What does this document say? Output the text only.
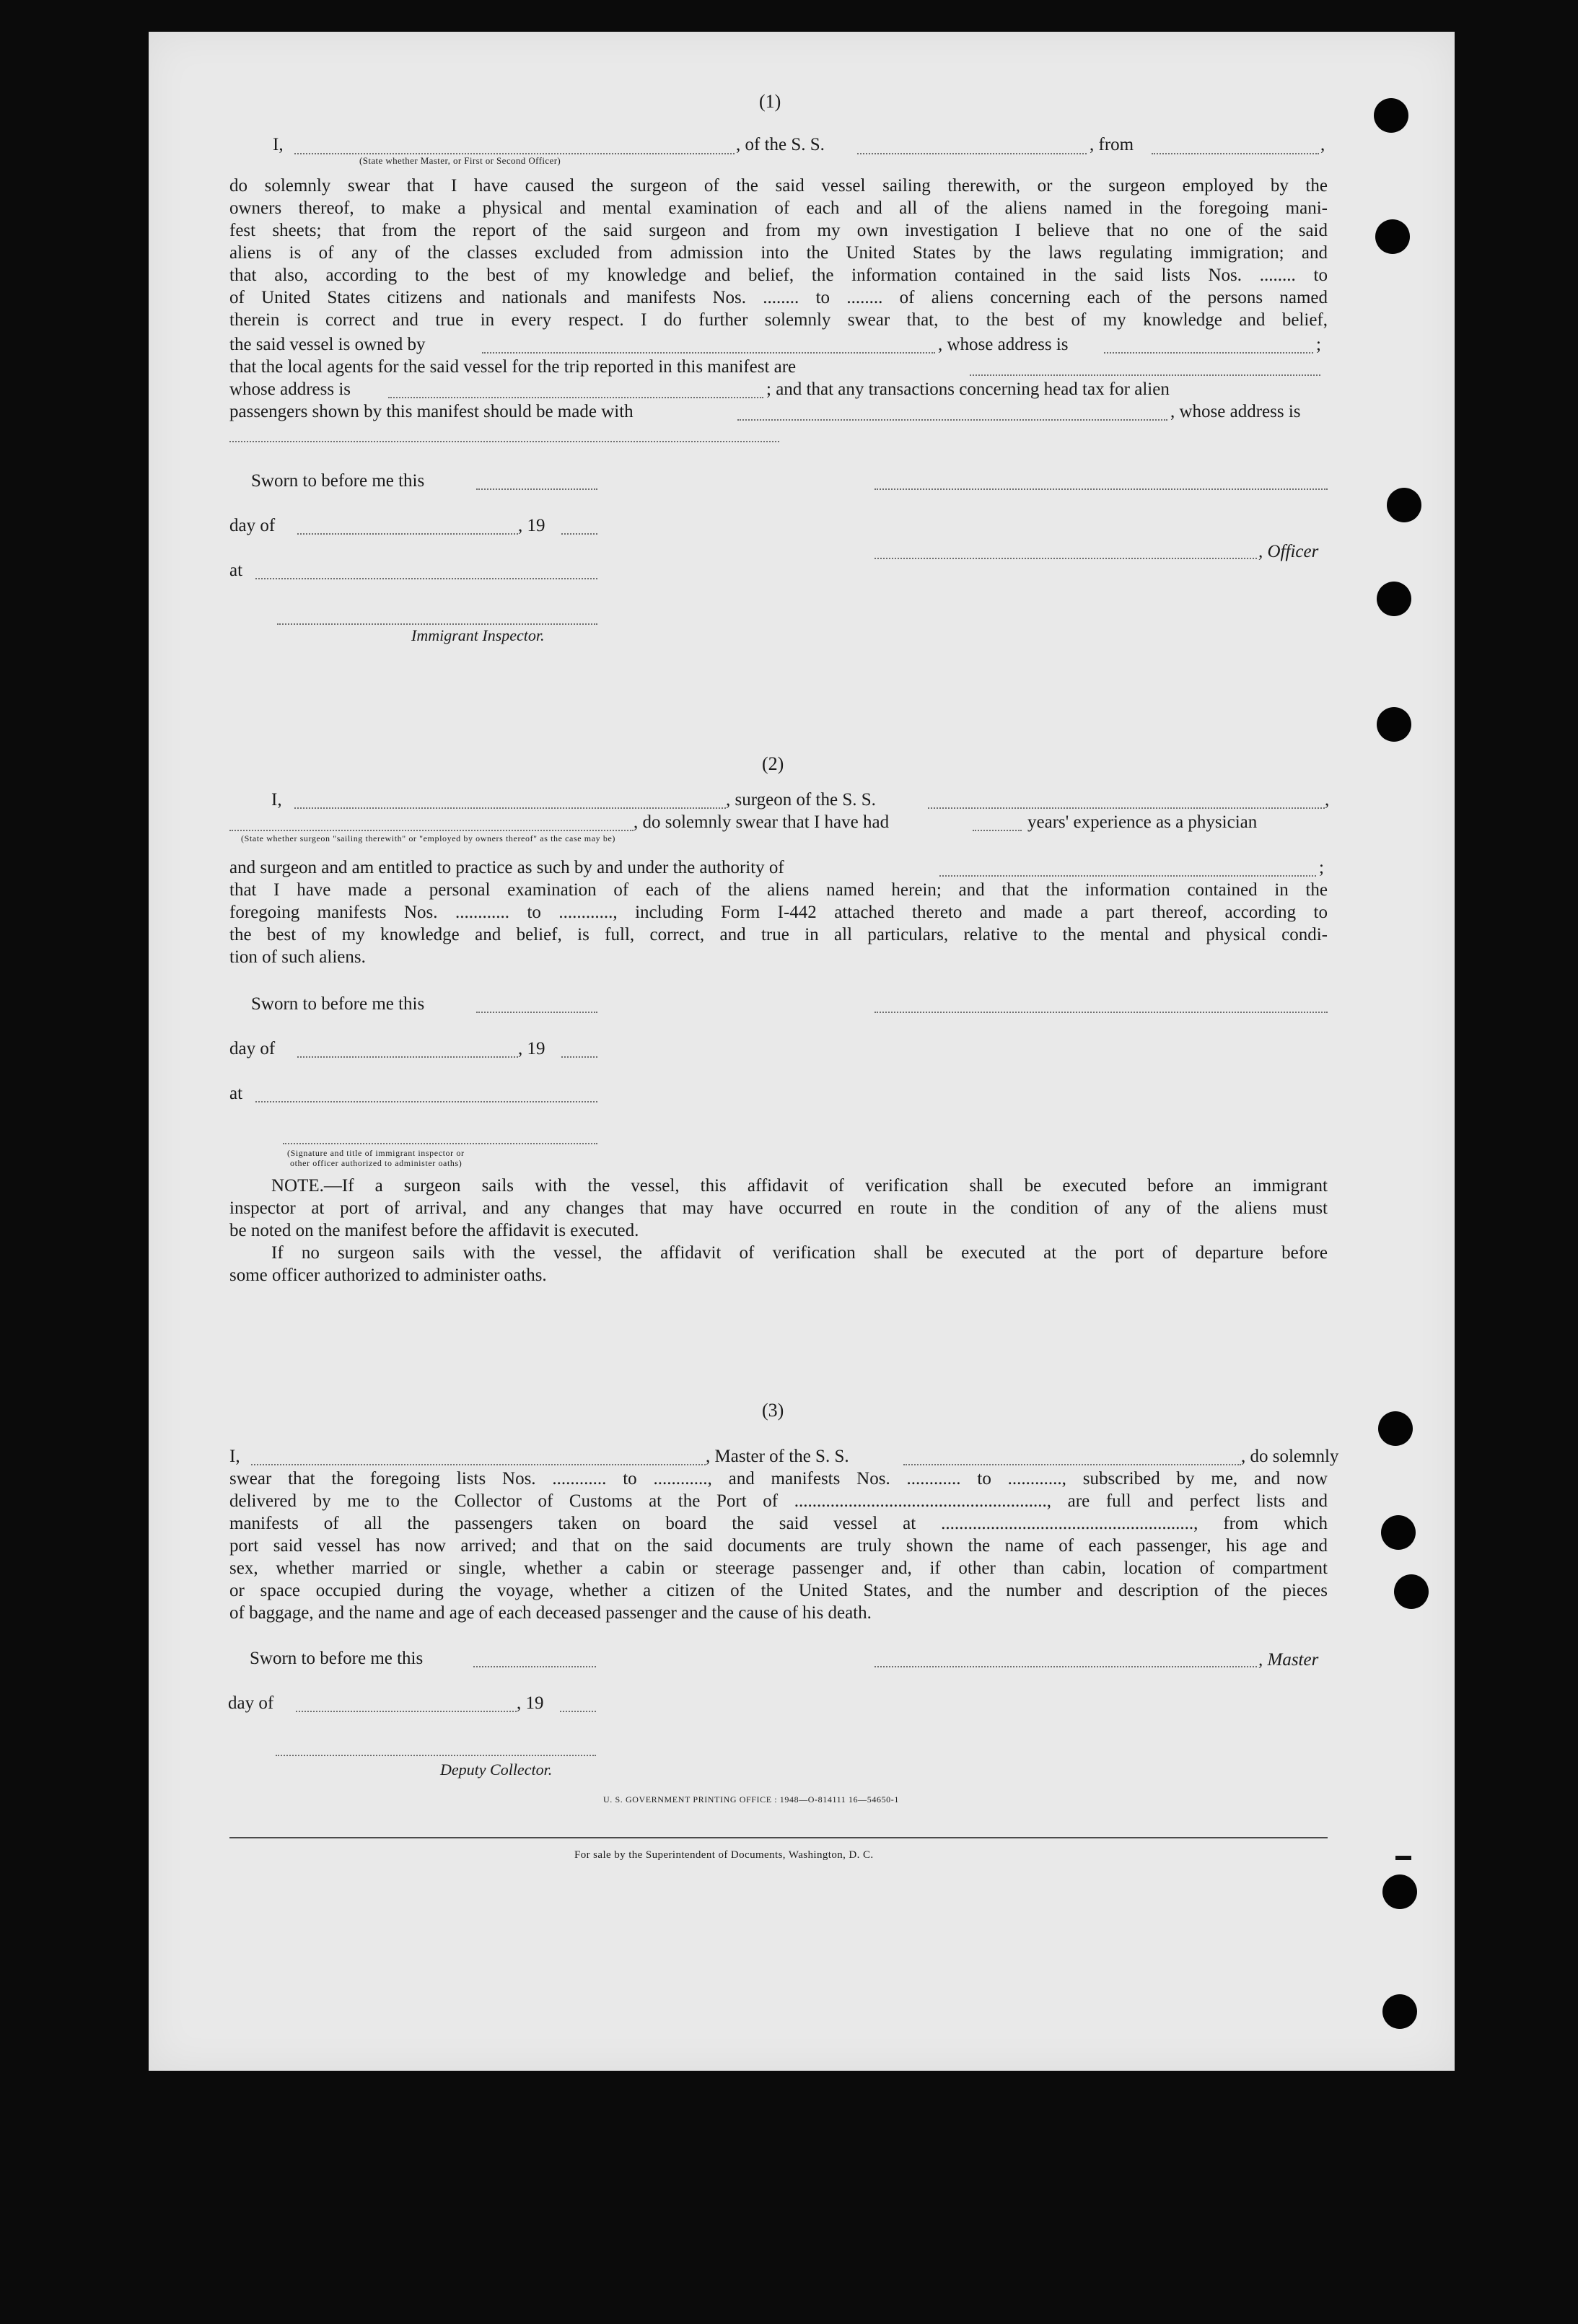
(1)
I,
(State whether Master, or First or Second Officer)
, of the S. S.	, from	,
do solemnly swear that I have caused the surgeon of the said vessel sailing therewith, or the surgeon employed by the
owners thereof, to make a physical and mental examination of each and all of the aliens named in the foregoing mani-
fest sheets; that from the report of the said surgeon and from my own investigation I believe that no one of the said
aliens is of any of the classes excluded from admission into the United States by the laws regulating immigration; and
that also, according to the best of my knowledge and belief, the information contained in the said lists Nos. ........ to
of United States citizens and nationals and manifests Nos. ........ to ........ of aliens concerning each of the persons named
therein is correct and true in every respect. I do further solemnly swear that, to the best of my knowledge and belief,
the said vessel is owned by	, whose address is	;
that the local agents for the said vessel for the trip reported in this manifest are
whose address is	; and that any transactions concerning head tax for alien
passengers shown by this manifest should be made with	, whose address is
Sworn to before me this
day of	, 19
, Officer
at
Immigrant Inspector.
(2)
I,	, surgeon of the S. S.	,
, do solemnly swear that I have had	years' experience as a physician
(State whether surgeon "sailing therewith" or "employed by owners thereof" as the case may be)
and surgeon and am entitled to practice as such by and under the authority of	;
that I have made a personal examination of each of the aliens named herein; and that the information contained in the
foregoing manifests Nos. ............ to ............, including Form I-442 attached thereto and made a part thereof, according to
the best of my knowledge and belief, is full, correct, and true in all particulars, relative to the mental and physical condi-
tion of such aliens.
Sworn to before me this
day of	, 19
at
(Signature and title of immigrant inspector or
other officer authorized to administer oaths)
NOTE.—If a surgeon sails with the vessel, this affidavit of verification shall be executed before an immigrant
inspector at port of arrival, and any changes that may have occurred en route in the condition of any of the aliens must
be noted on the manifest before the affidavit is executed.
If no surgeon sails with the vessel, the affidavit of verification shall be executed at the port of departure before
some officer authorized to administer oaths.
(3)
I,	, Master of the S. S.	, do solemnly
swear that the foregoing lists Nos. ............ to ............, and manifests Nos. ............ to ............, subscribed by me, and now
delivered by me to the Collector of Customs at the Port of ........................................................, are full and perfect lists and
manifests of all the passengers taken on board the said vessel at ........................................................, from which
port said vessel has now arrived; and that on the said documents are truly shown the name of each passenger, his age and
sex, whether married or single, whether a cabin or steerage passenger and, if other than cabin, location of compartment
or space occupied during the voyage, whether a citizen of the United States, and the number and description of the pieces
of baggage, and the name and age of each deceased passenger and the cause of his death.
Sworn to before me this	, Master
day of	, 19
Deputy Collector.
U. S. GOVERNMENT PRINTING OFFICE : 1948—O-814111 16—54650-1
For sale by the Superintendent of Documents, Washington, D. C.
